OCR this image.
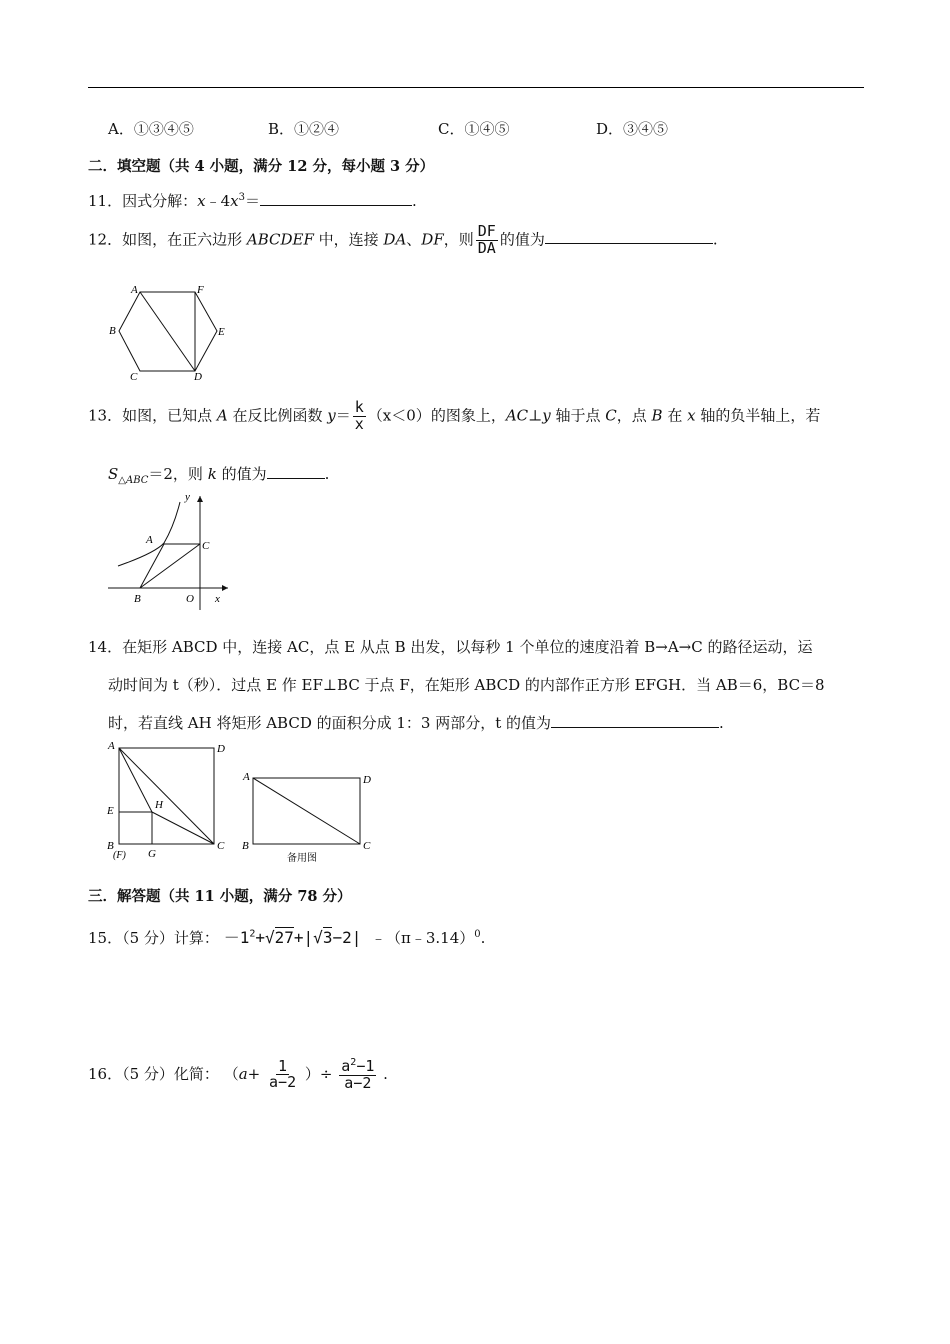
A．①③④⑤	B．①②④	C．①④⑤	D．③④⑤
二．填空题（共 4 小题，满分 12 分，每小题 3 分）
11．因式分解：$x﹣4x^3=$	.
12．如图，在正六边形 ABCDEF 中，连接 DA、DF，则 $\frac{DF}{DA}$ 的值为	.
A	F
B	E
C	D
13．如图，已知点 A 在反比例函数 $y= \frac{k}{x} (x<0)$的图象上，AC⊥y 轴于点 C，点 B 在 x 轴的负半轴上，若
$S_{\triangle ABC}=2$，则 k 的值为	.
y
A	C
B	O x
14．在矩形 ABCD 中，连接 AC，点 E 从点 B 出发，以每秒 1 个单位的速度沿着 B→A→C 的路径运动，运
动时间为 t（秒）．过点 E 作 EF⊥BC 于点 F，在矩形 ABCD 的内部作正方形 EFGH．当 AB＝6，BC＝8
时，若直线 AH 将矩形 ABCD 的面积分成 1：3 两部分，t 的值为	.
A	D
E	H
B
(F) G
C
A	D
B	C
备用图
三．解答题（共 11 小题，满分 78 分）
15．（5 分）计算： $-1^2+√27+|√3-2|$ ﹣（π﹣3.14）$^0$.
16．（5 分）化简： （$a+ \frac{1}{a-2}$ ）÷ $\frac{a^2-1}{a-2}$ .
